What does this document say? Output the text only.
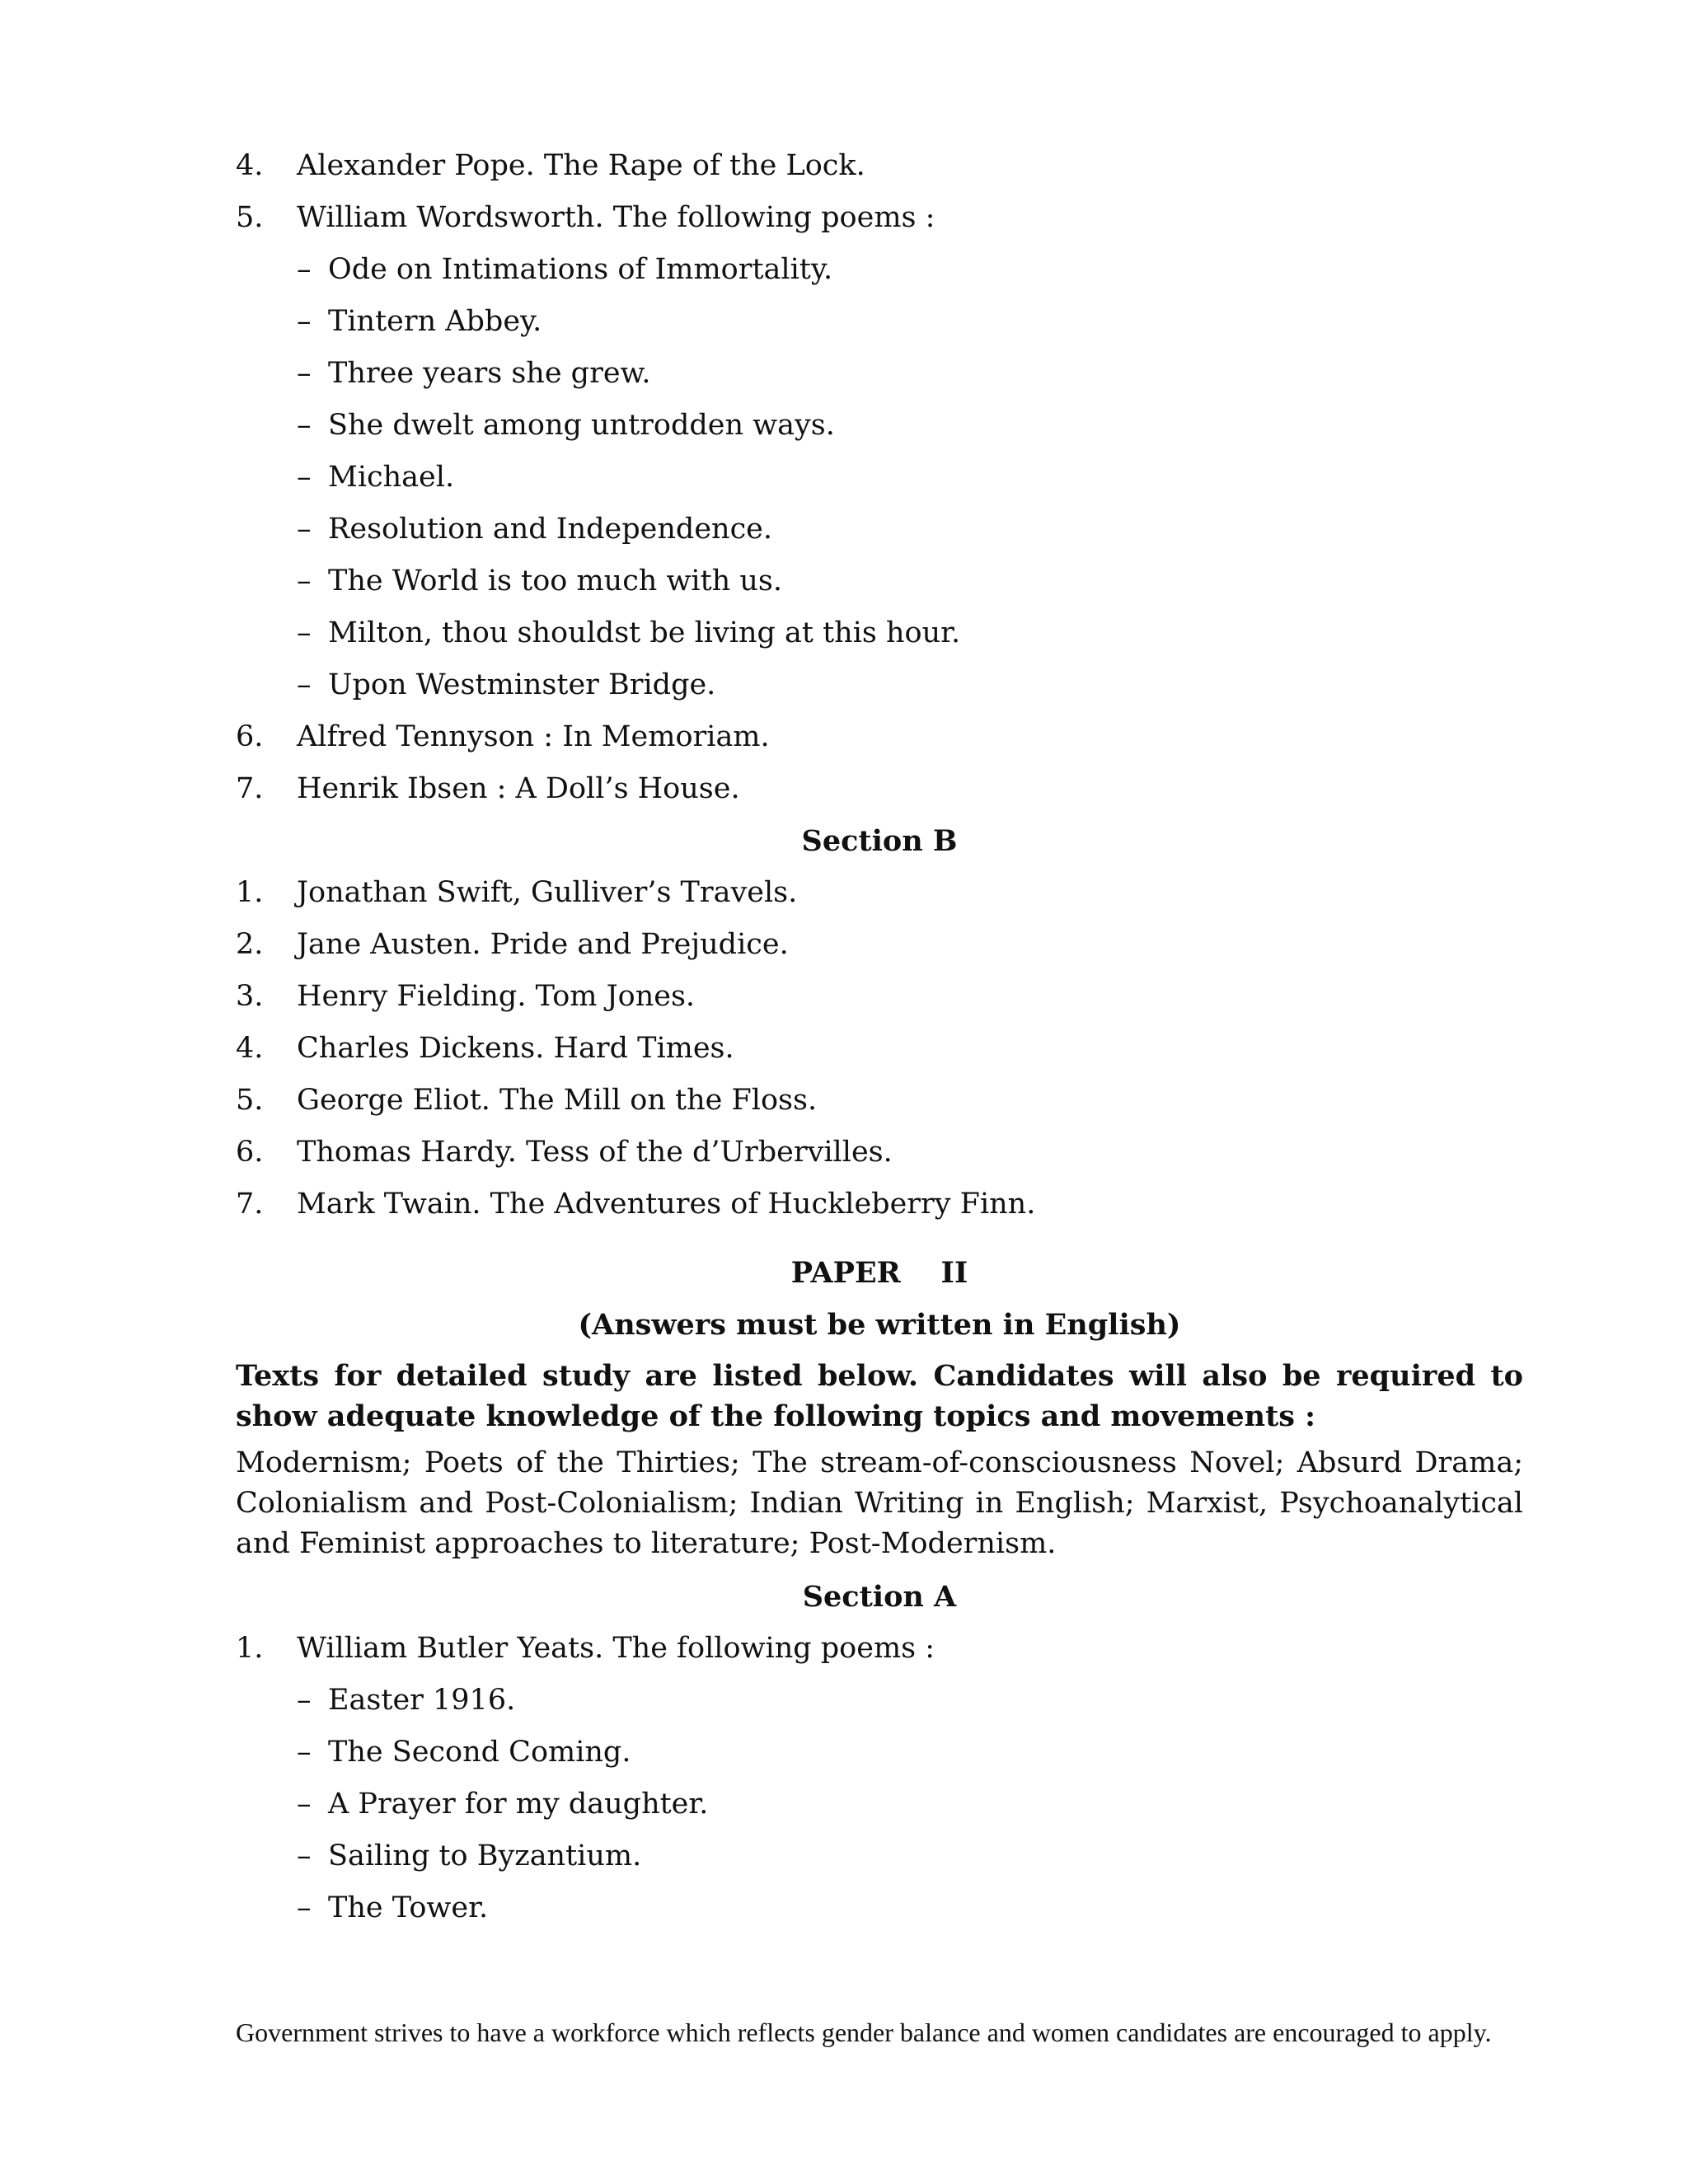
4.	Alexander Pope. The Rape of the Lock.
5.	William Wordsworth. The following poems :
– Ode on Intimations of Immortality.
– Tintern Abbey.
– Three years she grew.
– She dwelt among untrodden ways.
– Michael.
– Resolution and Independence.
– The World is too much with us.
– Milton, thou shouldst be living at this hour.
– Upon Westminster Bridge.
6.	Alfred Tennyson : In Memoriam.
7.	Henrik Ibsen : A Doll’s House.
Section B
1.	Jonathan Swift, Gulliver’s Travels.
2.	Jane Austen. Pride and Prejudice.
3.	Henry Fielding. Tom Jones.
4.	Charles Dickens. Hard Times.
5.	George Eliot. The Mill on the Floss.
6.	Thomas Hardy. Tess of the d’Urbervilles.
7.	Mark Twain. The Adventures of Huckleberry Finn.
PAPER    II
(Answers must be written in English)
Texts for detailed study are listed below. Candidates will also be required to show adequate knowledge of the following topics and movements :
Modernism; Poets of the Thirties; The stream-of-consciousness Novel; Absurd Drama; Colonialism and Post-Colonialism; Indian Writing in English; Marxist, Psychoanalytical and Feminist approaches to literature; Post-Modernism.
Section A
1.	William Butler Yeats. The following poems :
– Easter 1916.
– The Second Coming.
– A Prayer for my daughter.
– Sailing to Byzantium.
– The Tower.
Government strives to have a workforce which reflects gender balance and women candidates are encouraged to apply.
